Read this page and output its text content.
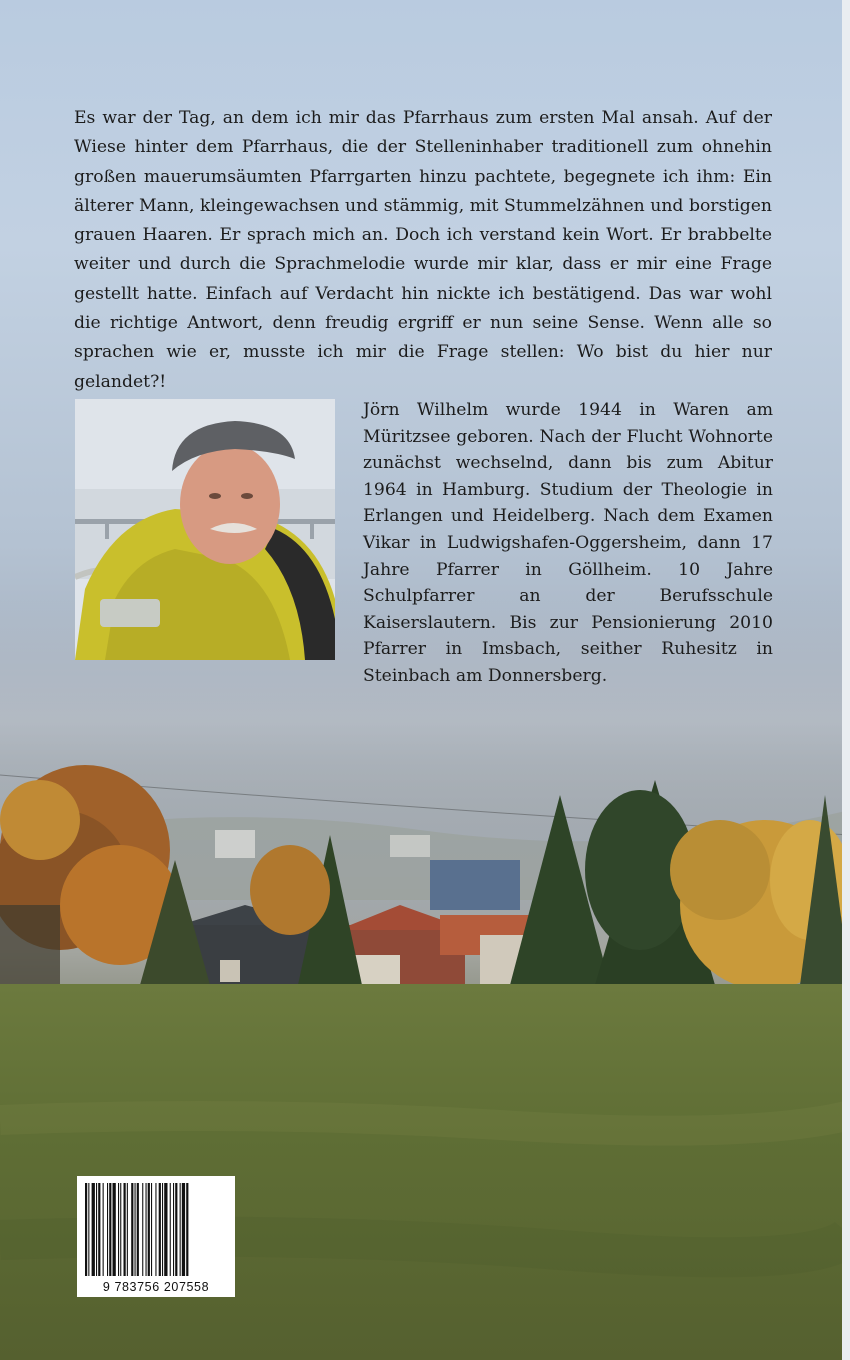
Es war der Tag, an dem ich mir das Pfarrhaus zum ersten Mal ansah. Auf der Wiese hinter dem Pfarrhaus, die der Stelleninhaber traditionell zum ohnehin großen mauerumsäumten Pfarrgarten hinzu pachtete, begegnete ich ihm: Ein älterer Mann, kleingewachsen und stämmig, mit Stummelzähnen und borstigen grauen Haaren. Er sprach mich an. Doch ich verstand kein Wort. Er brabbelte weiter und durch die Sprachmelodie wurde mir klar, dass er mir eine Frage gestellt hatte. Einfach auf Verdacht hin nickte ich bestätigend. Das war wohl die richtige Antwort, denn freudig ergriff er nun seine Sense. Wenn alle so sprachen wie er, musste ich mir die Frage stellen: Wo bist du hier nur gelandet?!

Jörn Wilhelm wurde 1944 in Waren am Müritzsee geboren. Nach der Flucht Wohnorte zunächst wechselnd, dann bis zum Abitur 1964 in Hamburg. Studium der Theologie in Erlangen und Heidelberg. Nach dem Examen Vikar in Ludwigshafen-Oggersheim, dann 17 Jahre Pfarrer in Göllheim. 10 Jahre Schulpfarrer an der Berufsschule Kaiserslautern. Bis zur Pensionierung 2010 Pfarrer in Imsbach, seither Ruhesitz in Steinbach am Donnersberg.

9 783756 207558
